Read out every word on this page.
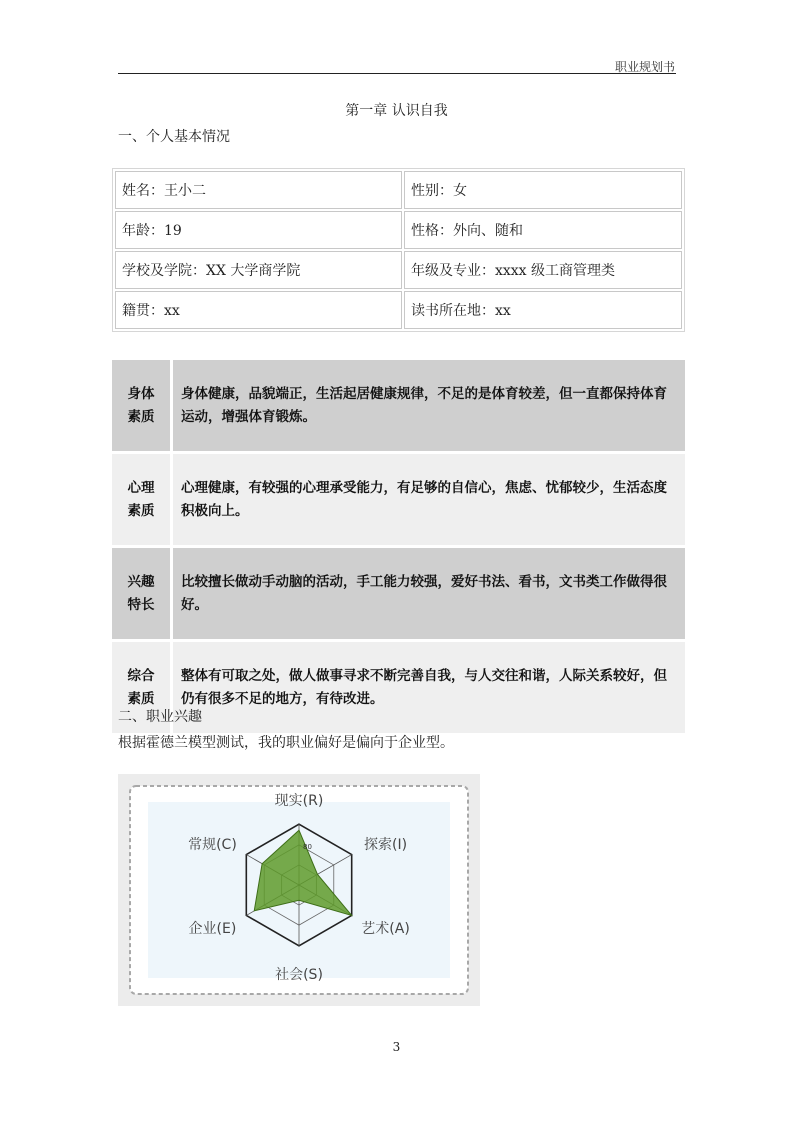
职业规划书
第一章 认识自我
一、个人基本情况
姓名：王小二	性别：女
年龄：19	性格：外向、随和
学校及学院：XX 大学商学院	年级及专业：xxxx 级工商管理类
籍贯：xx	读书所在地：xx
身体
素质	身体健康，品貌端正，生活起居健康规律，不足的是体育较差，但一直都保持体育运动，增强体育锻炼。
心理
素质	心理健康，有较强的心理承受能力，有足够的自信心，焦虑、忧郁较少，生活态度积极向上。
兴趣
特长	比较擅长做动手动脑的活动，手工能力较强，爱好书法、看书，文书类工作做得很好。
综合
素质	整体有可取之处，做人做事寻求不断完善自我，与人交往和谐，人际关系较好，但仍有很多不足的地方，有待改进。
二、职业兴趣
根据霍德兰模型测试，我的职业偏好是偏向于企业型。
80
现实(R)
探索(I)
艺术(A)
社会(S)
企业(E)
常规(C)
3
